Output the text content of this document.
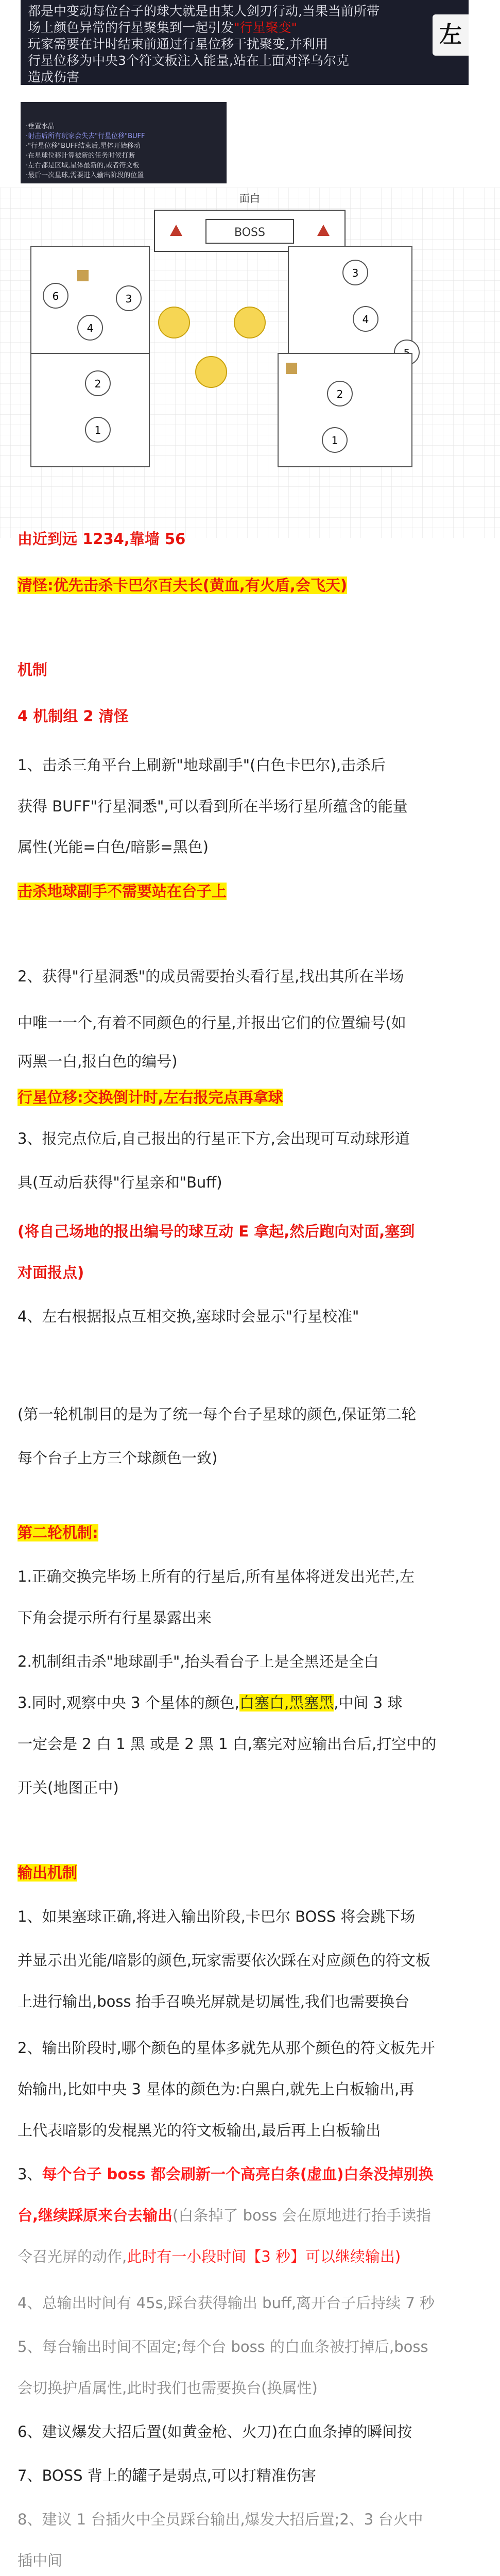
都是中变动每位台子的球大就是由某人剑刃行动,当果当前所带
场上颜色异常的行星聚集到一起引发"行星聚变"
玩家需要在计时结束前通过行星位移干扰聚变,并利用
行星位移为中央3个符文板注入能量,站在上面对泽乌尔克
造成伤害
左
·垂置水晶
·射击后所有玩家会失去"行星位移"BUFF
·"行星位移"BUFF结束后,星体开始移动
·在星球位移计算被新的任务时候打断
·左右都是区域,星体最新的,或者符文板
·最后一次星球,需要进入输出阶段的位置
面白
BOSS
6
4
3
2
1
3
4
2
1
由近到远 1234,靠墙 56
清怪:优先击杀卡巴尔百夫长(黄血,有火盾,会飞天)
机制
4 机制组 2 清怪
1、击杀三角平台上刷新"地球副手"(白色卡巴尔),击杀后
获得 BUFF"行星洞悉",可以看到所在半场行星所蕴含的能量
属性(光能=白色/暗影=黑色)
击杀地球副手不需要站在台子上
2、获得"行星洞悉"的成员需要抬头看行星,找出其所在半场
中唯一一个,有着不同颜色的行星,并报出它们的位置编号(如
两黑一白,报白色的编号)
行星位移:交换倒计时,左右报完点再拿球
3、报完点位后,自己报出的行星正下方,会出现可互动球形道
具(互动后获得"行星亲和"Buff)
(将自己场地的报出编号的球互动 E 拿起,然后跑向对面,塞到
对面报点)
4、左右根据报点互相交换,塞球时会显示"行星校准"
(第一轮机制目的是为了统一每个台子星球的颜色,保证第二轮
每个台子上方三个球颜色一致)
第二轮机制:
1.正确交换完毕场上所有的行星后,所有星体将迸发出光芒,左
下角会提示所有行星暴露出来
2.机制组击杀"地球副手",抬头看台子上是全黑还是全白
3.同时,观察中央 3 个星体的颜色,白塞白,黑塞黑,中间 3 球
一定会是 2 白 1 黑 或是 2 黑 1 白,塞完对应输出台后,打空中的
开关(地图正中)
输出机制
1、如果塞球正确,将进入输出阶段,卡巴尔 BOSS 将会跳下场
并显示出光能/暗影的颜色,玩家需要依次踩在对应颜色的符文板
上进行输出,boss 抬手召唤光屏就是切属性,我们也需要换台
2、输出阶段时,哪个颜色的星体多就先从那个颜色的符文板先开
始输出,比如中央 3 星体的颜色为:白黑白,就先上白板输出,再
上代表暗影的发棍黑光的符文板输出,最后再上白板输出
3、每个台子 boss 都会刷新一个高亮白条(虚血)白条没掉别换
台,继续踩原来台去输出(白条掉了 boss 会在原地进行抬手读指
令召光屏的动作,此时有一小段时间【3 秒】可以继续输出)
4、总输出时间有 45s,踩台获得输出 buff,离开台子后持续 7 秒
5、每台输出时间不固定;每个台 boss 的白血条被打掉后,boss
会切换护盾属性,此时我们也需要换台(换属性)
6、建议爆发大招后置(如黄金枪、火刀)在白血条掉的瞬间按
7、BOSS 背上的罐子是弱点,可以打精准伤害
8、建议 1 台插火中全员踩台输出,爆发大招后置;2、3 台火中
插中间
